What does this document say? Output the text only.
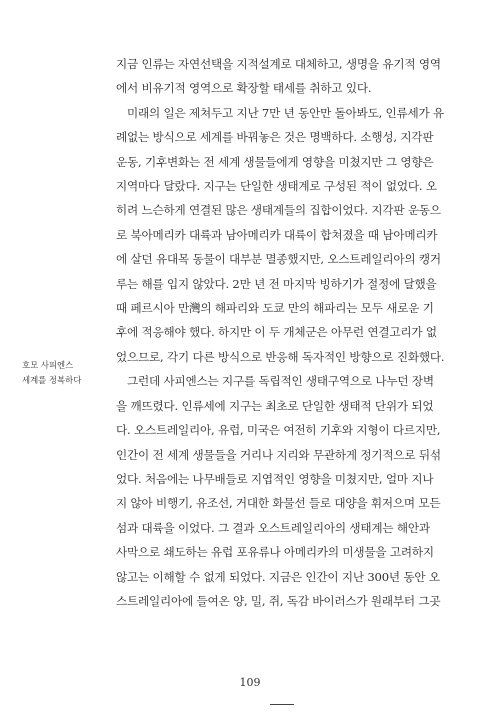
지금 인류는 자연선택을 지적설계로 대체하고, 생명을 유기적 영역
에서 비유기적 영역으로 확장할 태세를 취하고 있다.

미래의 일은 제쳐두고 지난 7만 년 동안만 돌아봐도, 인류세가 유
례없는 방식으로 세계를 바꿔놓은 것은 명백하다. 소행성, 지각판
운동, 기후변화는 전 세계 생물들에게 영향을 미쳤지만 그 영향은
지역마다 달랐다. 지구는 단일한 생태계로 구성된 적이 없었다. 오
히려 느슨하게 연결된 많은 생태계들의 집합이었다. 지각판 운동으
로 북아메리카 대륙과 남아메리카 대륙이 합쳐졌을 때 남아메리카
에 살던 유대목 동물이 대부분 멸종했지만, 오스트레일리아의 캥거
루는 해를 입지 않았다. 2만 년 전 마지막 빙하기가 절정에 달했을
때 페르시아 만灣의 해파리와 도쿄 만의 해파리는 모두 새로운 기
후에 적응해야 했다. 하지만 이 두 개체군은 아무런 연결고리가 없
었으므로, 각기 다른 방식으로 반응해 독자적인 방향으로 진화했다.

그런데 사피엔스는 지구를 독립적인 생태구역으로 나누던 장벽
을 깨뜨렸다. 인류세에 지구는 최초로 단일한 생태적 단위가 되었
다. 오스트레일리아, 유럽, 미국은 여전히 기후와 지형이 다르지만,
인간이 전 세계 생물들을 거리나 지리와 무관하게 정기적으로 뒤섞
었다. 처음에는 나무배들로 지엽적인 영향을 미쳤지만, 얼마 지나
지 않아 비행기, 유조선, 거대한 화물선 들로 대양을 휘저으며 모든
섬과 대륙을 이었다. 그 결과 오스트레일리아의 생태계는 해안과
사막으로 쇄도하는 유럽 포유류나 아메리카의 미생물을 고려하지
않고는 이해할 수 없게 되었다. 지금은 인간이 지난 300년 동안 오
스트레일리아에 들여온 양, 밀, 쥐, 독감 바이러스가 원래부터 그곳

호모 사피엔스
세계를 정복하다
109
